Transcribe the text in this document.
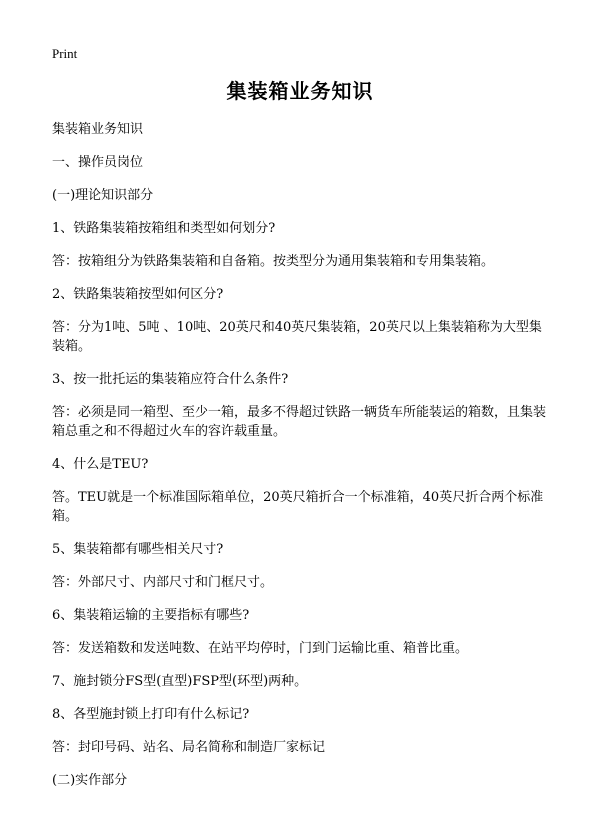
Print
集装箱业务知识

集装箱业务知识

一、操作员岗位

(一)理论知识部分

1、铁路集装箱按箱组和类型如何划分?

答：按箱组分为铁路集装箱和自备箱。按类型分为通用集装箱和专用集装箱。

2、铁路集装箱按型如何区分?

答：分为1吨、5吨 、10吨、20英尺和40英尺集装箱，20英尺以上集装箱称为大型集装箱。

3、按一批托运的集装箱应符合什么条件?

答：必须是同一箱型、至少一箱，最多不得超过铁路一辆货车所能装运的箱数，且集装箱总重之和不得超过火车的容许载重量。

4、什么是TEU?

答。TEU就是一个标准国际箱单位，20英尺箱折合一个标准箱，40英尺折合两个标准箱。

5、集装箱都有哪些相关尺寸?

答：外部尺寸、内部尺寸和门框尺寸。

6、集装箱运输的主要指标有哪些?

答：发送箱数和发送吨数、在站平均停时，门到门运输比重、箱普比重。

7、施封锁分FS型(直型)FSP型(环型)两种。

8、各型施封锁上打印有什么标记?

答：封印号码、站名、局名简称和制造厂家标记

(二)实作部分
